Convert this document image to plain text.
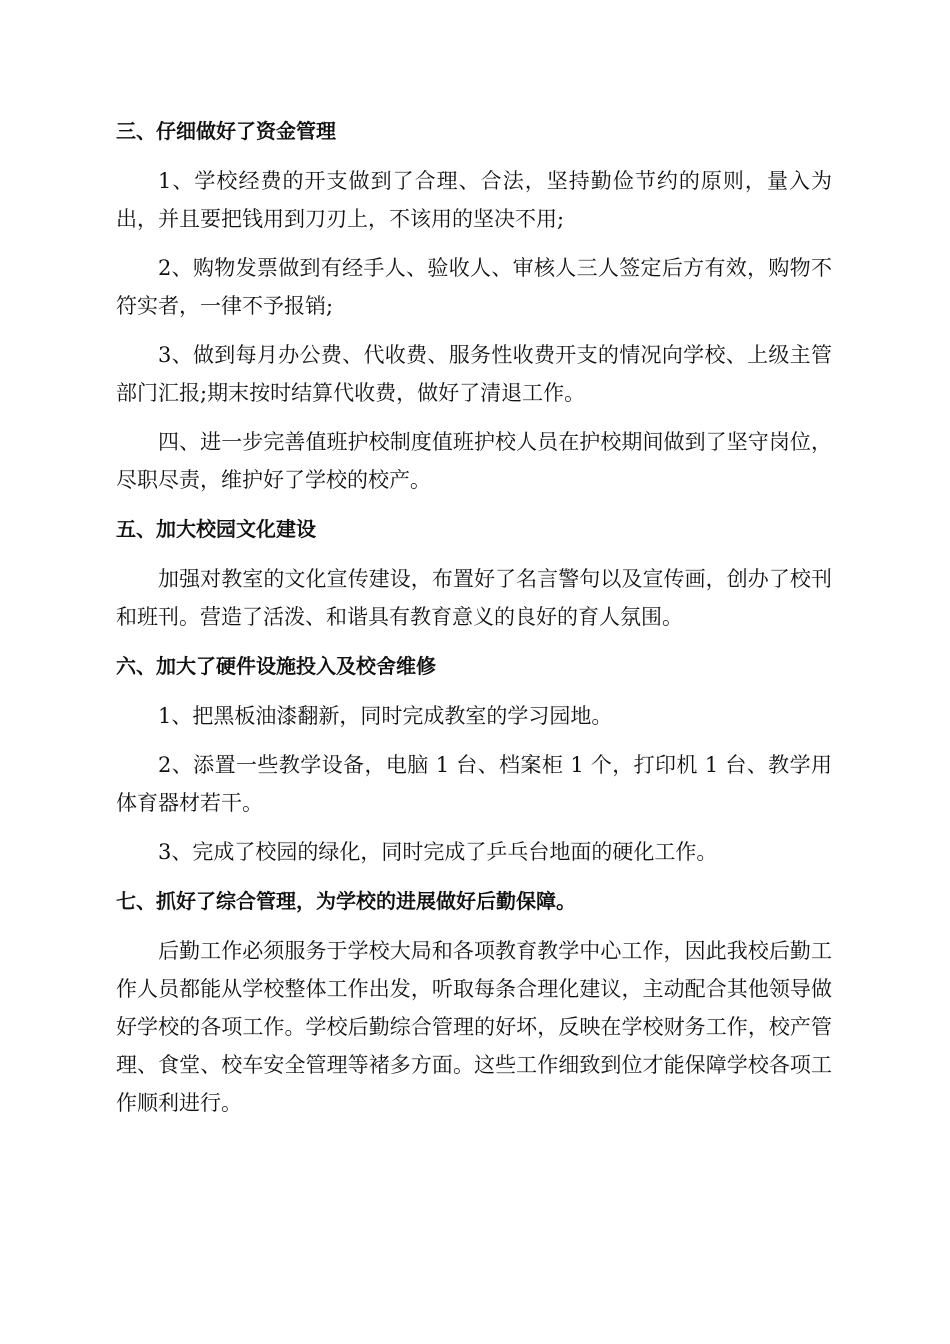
三、仔细做好了资金管理
1、学校经费的开支做到了合理、合法，坚持勤俭节约的原则，量入为出，并且要把钱用到刀刃上，不该用的坚决不用;
2、购物发票做到有经手人、验收人、审核人三人签定后方有效，购物不符实者，一律不予报销;
3、做到每月办公费、代收费、服务性收费开支的情况向学校、上级主管部门汇报;期末按时结算代收费，做好了清退工作。
四、进一步完善值班护校制度值班护校人员在护校期间做到了坚守岗位，尽职尽责，维护好了学校的校产。
五、加大校园文化建设
加强对教室的文化宣传建设，布置好了名言警句以及宣传画，创办了校刊和班刊。营造了活泼、和谐具有教育意义的良好的育人氛围。
六、加大了硬件设施投入及校舍维修
1、把黑板油漆翻新，同时完成教室的学习园地。
2、添置一些教学设备，电脑 1 台、档案柜 1 个，打印机 1 台、教学用体育器材若干。
3、完成了校园的绿化，同时完成了乒乓台地面的硬化工作。
七、抓好了综合管理，为学校的进展做好后勤保障。
后勤工作必须服务于学校大局和各项教育教学中心工作，因此我校后勤工作人员都能从学校整体工作出发，听取每条合理化建议，主动配合其他领导做好学校的各项工作。学校后勤综合管理的好坏，反映在学校财务工作，校产管理、食堂、校车安全管理等褚多方面。这些工作细致到位才能保障学校各项工作顺利进行。
